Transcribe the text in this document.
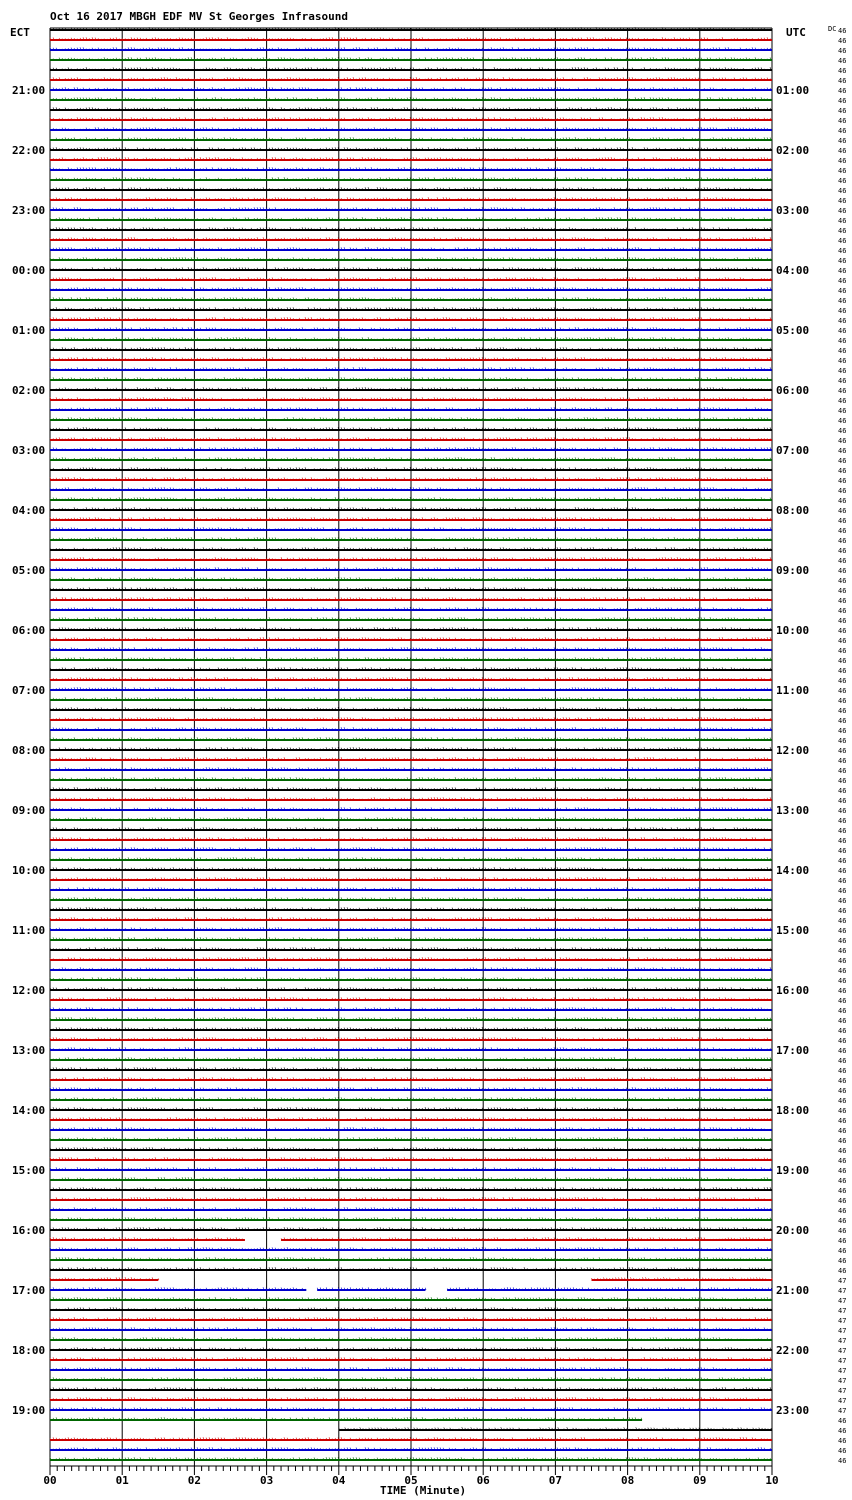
Oct 16 2017 MBGH EDF MV St Georges Infrasound
ECT	UTC	DC
TIME (Minute)
21:00
22:00
23:00
00:00
01:00
02:00
03:00
04:00
05:00
06:00
07:00
08:00
09:00
10:00
11:00
12:00
13:00
14:00
15:00
16:00
17:00
18:00
19:00
01:00
02:00
03:00
04:00
05:00
06:00
07:00
08:00
09:00
10:00
11:00
12:00
13:00
14:00
15:00
16:00
17:00
18:00
19:00
20:00
21:00
22:00
23:00
46
46
46
46
46
46
46
46
46
46
46
46
46
46
46
46
46
46
46
46
46
46
46
46
46
46
46
46
46
46
46
46
46
46
46
46
46
46
46
46
46
46
46
46
46
46
46
46
46
46
46
46
46
46
46
46
46
46
46
46
46
46
46
46
46
46
46
46
46
46
46
46
46
46
46
46
46
46
46
46
46
46
46
46
46
46
46
46
46
46
46
46
46
46
46
46
46
46
46
46
46
46
46
46
46
46
46
46
46
46
46
46
46
46
46
46
46
46
46
46
46
46
46
46
46
47
47
47
47
47
47
47
47
47
47
47
47
47
47
46
46
46
46
46
00	01	02	03	04	05	06	07	08	09	10
